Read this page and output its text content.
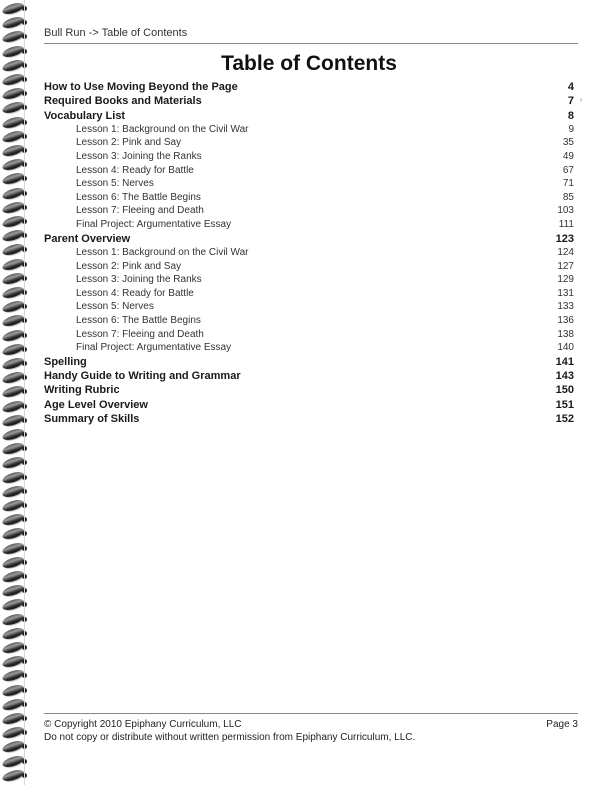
Bull Run -> Table of Contents
Table of Contents
'
How to Use Moving Beyond the Page	4
Required Books and Materials	7
Vocabulary List	8
Lesson 1: Background on the Civil War	9
Lesson 2: Pink and Say	35
Lesson 3: Joining the Ranks	49
Lesson 4: Ready for Battle	67
Lesson 5: Nerves	71
Lesson 6: The Battle Begins	85
Lesson 7: Fleeing and Death	103
Final Project: Argumentative Essay	111
Parent Overview	123
Lesson 1: Background on the Civil War	124
Lesson 2: Pink and Say	127
Lesson 3: Joining the Ranks	129
Lesson 4: Ready for Battle	131
Lesson 5: Nerves	133
Lesson 6: The Battle Begins	136
Lesson 7: Fleeing and Death	138
Final Project: Argumentative Essay	140
Spelling	141
Handy Guide to Writing and Grammar	143
Writing Rubric	150
Age Level Overview	151
Summary of Skills	152
© Copyright 2010 Epiphany Curriculum, LLC	Page 3
Do not copy or distribute without written permission from Epiphany Curriculum, LLC.
